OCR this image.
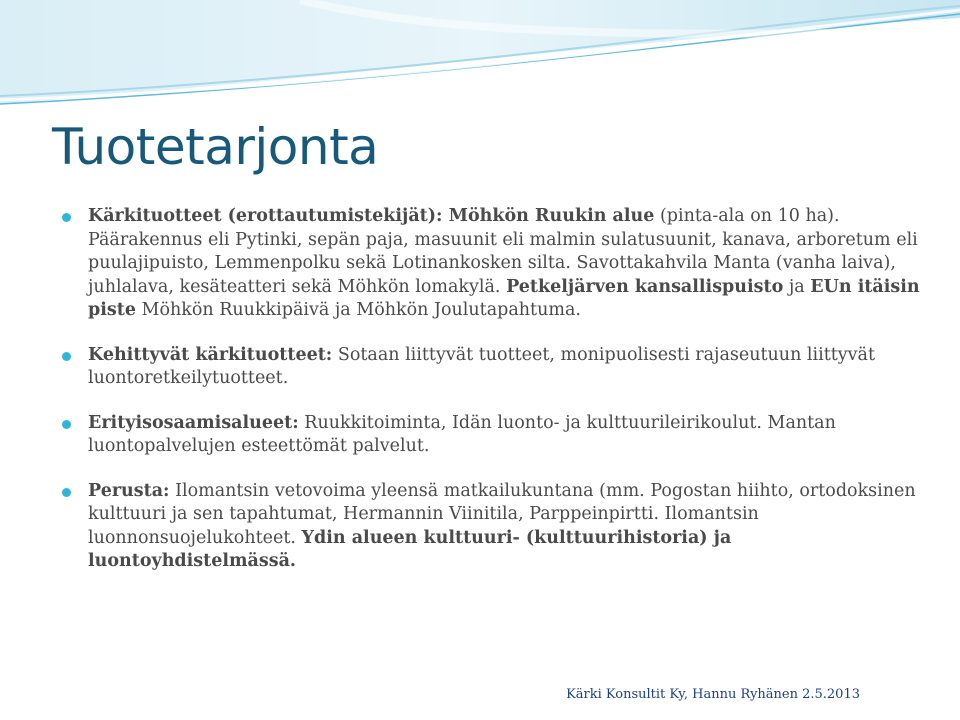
Tuotetarjonta
Kärkituotteet (erottautumistekijät): Möhkön Ruukin alue (pinta-ala on 10 ha). Päärakennus eli Pytinki, sepän paja, masuunit eli malmin sulatusuunit, kanava, arboretum eli puulajipuisto, Lemmenpolku sekä Lotinankosken silta. Savottakahvila Manta (vanha laiva), juhlalava, kesäteatteri sekä Möhkön lomakylä. Petkeljärven kansallispuisto ja EUn itäisin piste Möhkön Ruukkipäivä ja Möhkön Joulutapahtuma.
Kehittyvät kärkituotteet: Sotaan liittyvät tuotteet, monipuolisesti rajaseutuun liittyvät luontoretkeilytuotteet.
Erityisosaamisalueet: Ruukkitoiminta, Idän luonto- ja kulttuurileirikoulut. Mantan luontopalvelujen esteettömät palvelut.
Perusta: Ilomantsin vetovoima yleensä matkailukuntana (mm. Pogostan hiihto, ortodoksinen kulttuuri ja sen tapahtumat, Hermannin Viinitila, Parppeinpirtti. Ilomantsin luonnonsuojelukohteet. Ydin alueen kulttuuri- (kulttuurihistoria) ja luontoyhdistelmässä.
Kärki Konsultit Ky, Hannu Ryhänen 2.5.2013
